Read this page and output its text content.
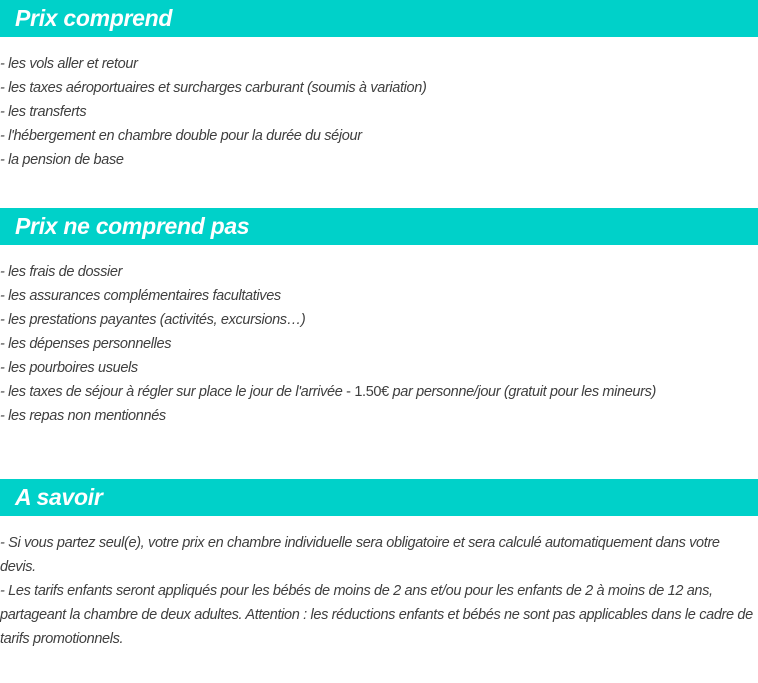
Prix comprend
- les vols aller et retour
- les taxes aéroportuaires et surcharges carburant (soumis à variation)
- les transferts
- l'hébergement en chambre double pour la durée du séjour
- la pension de base
Prix ne comprend pas
- les frais de dossier
- les assurances complémentaires facultatives
- les prestations payantes (activités, excursions…)
- les dépenses personnelles
- les pourboires usuels
- les taxes de séjour à régler sur place le jour de l'arrivée - 1.50€ par personne/jour (gratuit pour les mineurs)
- les repas non mentionnés
A savoir
- Si vous partez seul(e), votre prix en chambre individuelle sera obligatoire et sera calculé automatiquement dans votre devis.
- Les tarifs enfants seront appliqués pour les bébés de moins de 2 ans et/ou pour les enfants de 2 à moins de 12 ans, partageant la chambre de deux adultes. Attention : les réductions enfants et bébés ne sont pas applicables dans le cadre de tarifs promotionnels.
